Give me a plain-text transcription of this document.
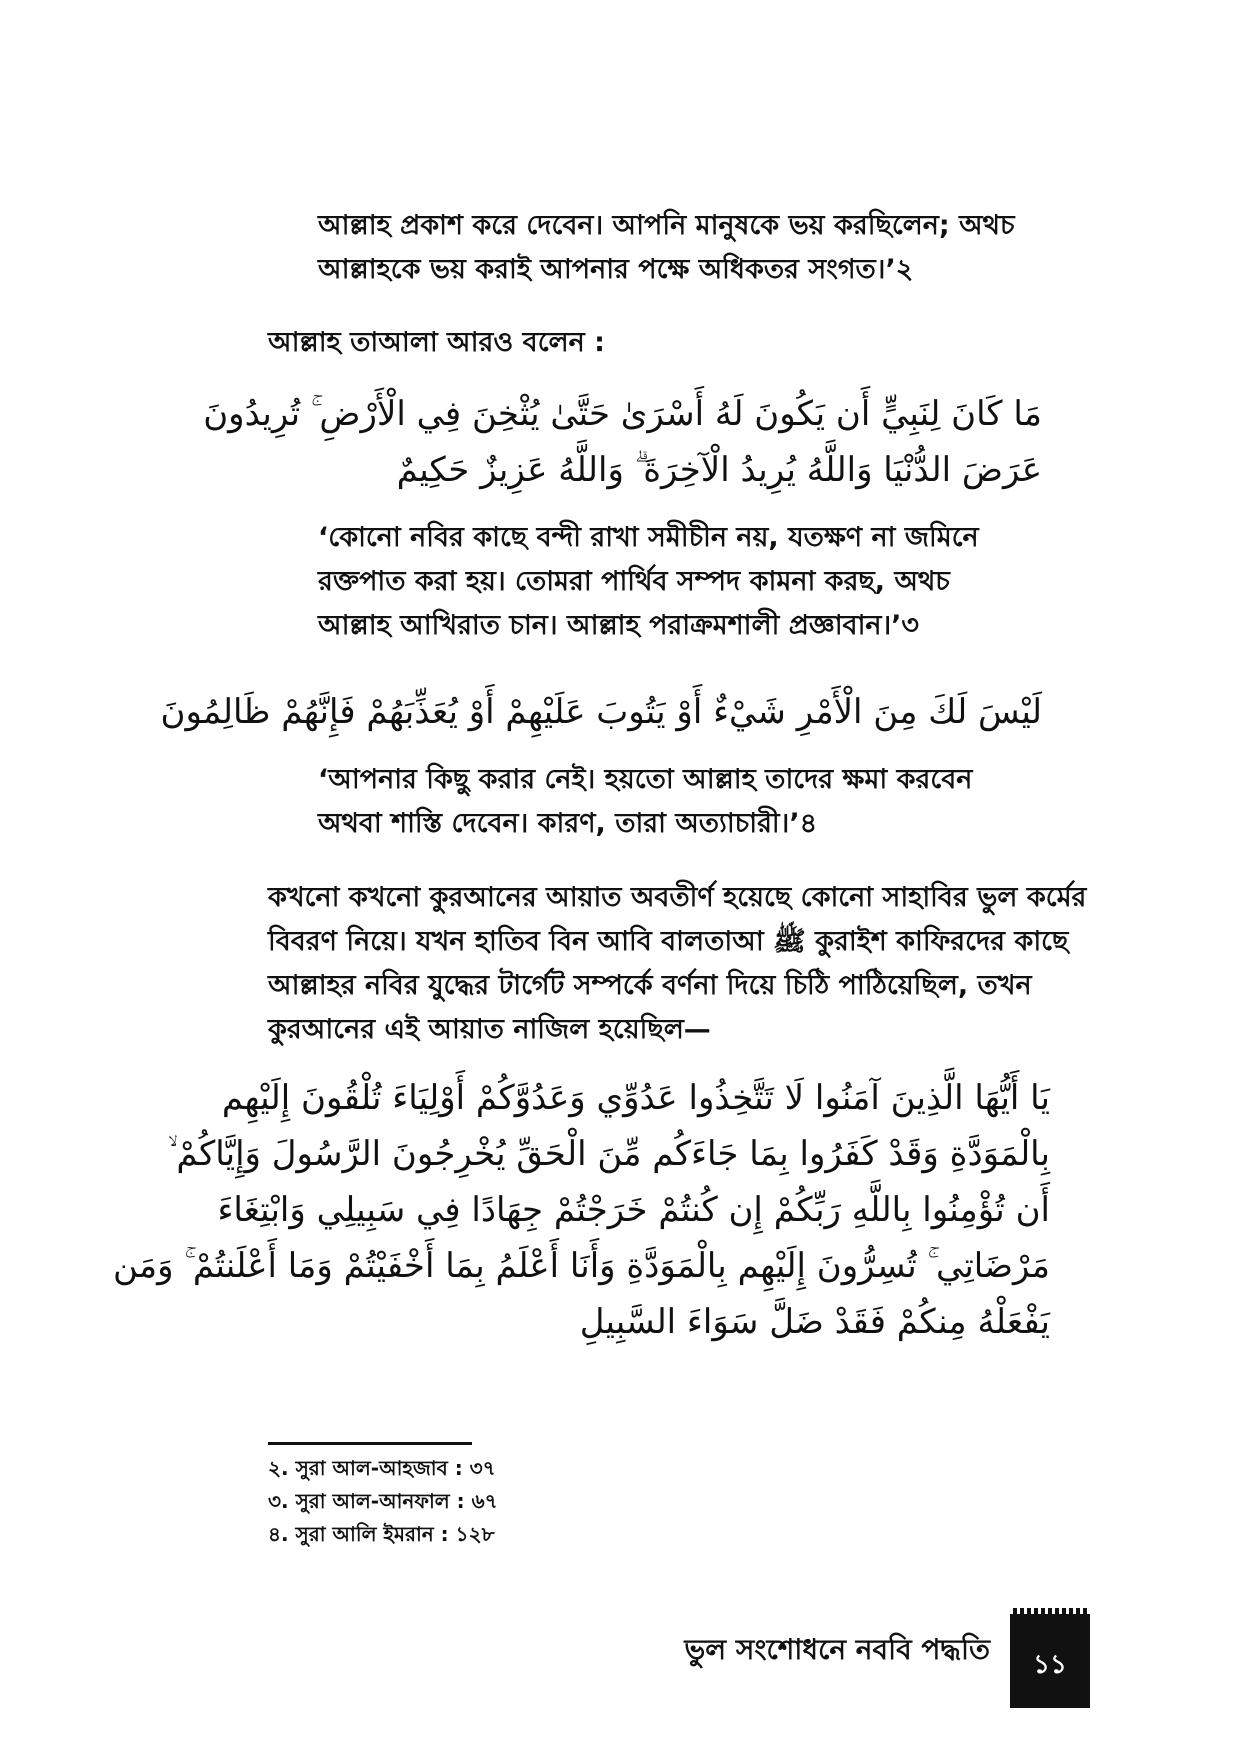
আল্লাহ প্রকাশ করে দেবেন। আপনি মানুষকে ভয় করছিলেন; অথচ
আল্লাহকে ভয় করাই আপনার পক্ষে অধিকতর সংগত।’২
আল্লাহ তাআলা আরও বলেন :
مَا كَانَ لِنَبِيٍّ أَن يَكُونَ لَهُ أَسْرَىٰ حَتَّىٰ يُثْخِنَ فِي الْأَرْضِ ۚ تُرِيدُونَ
عَرَضَ الدُّنْيَا وَاللَّهُ يُرِيدُ الْآخِرَةَ ۗ وَاللَّهُ عَزِيزٌ حَكِيمٌ
‘কোনো নবির কাছে বন্দী রাখা সমীচীন নয়, যতক্ষণ না জমিনে
রক্তপাত করা হয়। তোমরা পার্থিব সম্পদ কামনা করছ, অথচ
আল্লাহ আখিরাত চান। আল্লাহ পরাক্রমশালী প্রজ্ঞাবান।’৩
لَيْسَ لَكَ مِنَ الْأَمْرِ شَيْءٌ أَوْ يَتُوبَ عَلَيْهِمْ أَوْ يُعَذِّبَهُمْ فَإِنَّهُمْ ظَالِمُونَ
‘আপনার কিছু করার নেই। হয়তো আল্লাহ তাদের ক্ষমা করবেন
অথবা শাস্তি দেবেন। কারণ, তারা অত্যাচারী।’৪
কখনো কখনো কুরআনের আয়াত অবতীর্ণ হয়েছে কোনো সাহাবির ভুল কর্মের
বিবরণ নিয়ে। যখন হাতিব বিন আবি বালতাআ ﷺ কুরাইশ কাফিরদের কাছে
আল্লাহর নবির যুদ্ধের টার্গেট সম্পর্কে বর্ণনা দিয়ে চিঠি পাঠিয়েছিল, তখন
কুরআনের এই আয়াত নাজিল হয়েছিল—
يَا أَيُّهَا الَّذِينَ آمَنُوا لَا تَتَّخِذُوا عَدُوِّي وَعَدُوَّكُمْ أَوْلِيَاءَ تُلْقُونَ إِلَيْهِم
بِالْمَوَدَّةِ وَقَدْ كَفَرُوا بِمَا جَاءَكُم مِّنَ الْحَقِّ يُخْرِجُونَ الرَّسُولَ وَإِيَّاكُمْ ۙ
أَن تُؤْمِنُوا بِاللَّهِ رَبِّكُمْ إِن كُنتُمْ خَرَجْتُمْ جِهَادًا فِي سَبِيلِي وَابْتِغَاءَ
مَرْضَاتِي ۚ تُسِرُّونَ إِلَيْهِم بِالْمَوَدَّةِ وَأَنَا أَعْلَمُ بِمَا أَخْفَيْتُمْ وَمَا أَعْلَنتُمْ ۚ وَمَن
يَفْعَلْهُ مِنكُمْ فَقَدْ ضَلَّ سَوَاءَ السَّبِيلِ
২. সুরা আল-আহজাব : ৩৭
৩. সুরা আল-আনফাল : ৬৭
৪. সুরা আলি ইমরান : ১২৮
ভুল সংশোধনে নববি পদ্ধতি	১১
